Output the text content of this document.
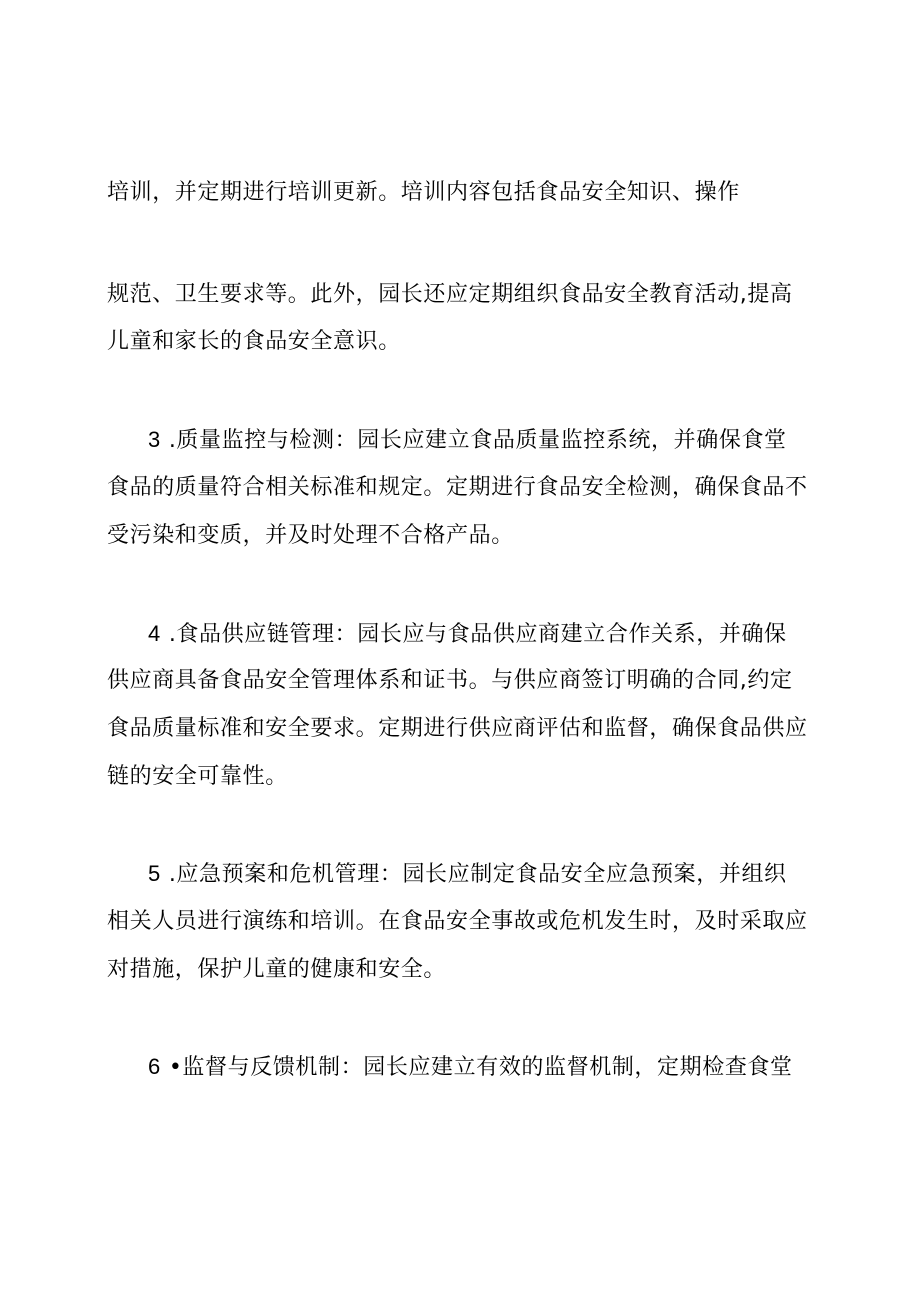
培训，并定期进行培训更新。培训内容包括食品安全知识、操作
规范、卫生要求等。此外，园长还应定期组织食品安全教育活动,提高
儿童和家长的食品安全意识。
3 .质量监控与检测：园长应建立食品质量监控系统，并确保食堂
食品的质量符合相关标准和规定。定期进行食品安全检测，确保食品不
受污染和变质，并及时处理不合格产品。
4 .食品供应链管理：园长应与食品供应商建立合作关系，并确保
供应商具备食品安全管理体系和证书。与供应商签订明确的合同,约定
食品质量标准和安全要求。定期进行供应商评估和监督，确保食品供应
链的安全可靠性。
5 .应急预案和危机管理：园长应制定食品安全应急预案，并组织
相关人员进行演练和培训。在食品安全事故或危机发生时，及时采取应
对措施，保护儿童的健康和安全。
6 •监督与反馈机制：园长应建立有效的监督机制，定期检查食堂
